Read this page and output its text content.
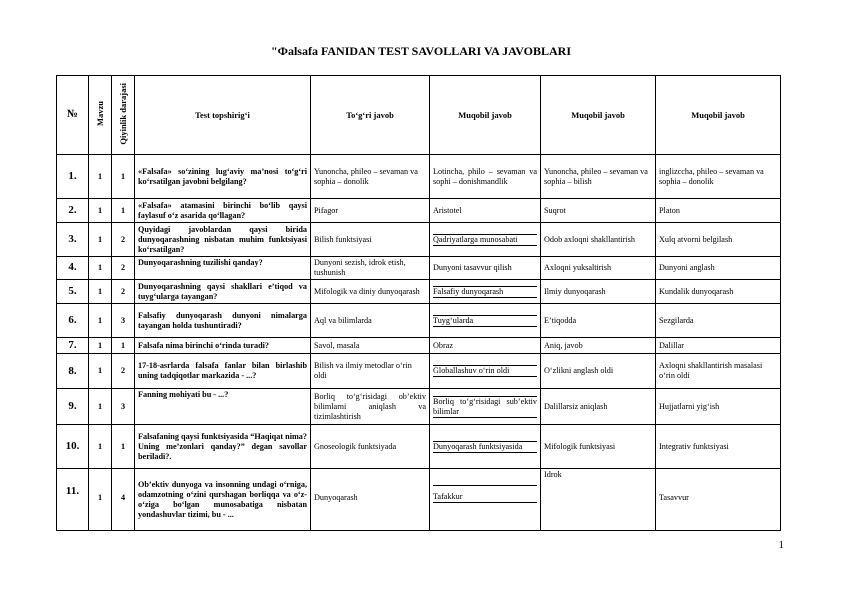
"Фalsafa FANIDAN TEST SAVOLLARI VA JAVOBLARI
№	Mavzu	Qiyinlik darajasi	Test topshirig‘i	To‘g‘ri javob	Muqobil javob	Muqobil javob	Muqobil javob
1.	1	1	«Falsafa» so‘zining lug‘aviy ma’nosi to‘g‘ri ko‘rsatilgan javobni belgilang?	Yunoncha, phileo – sevaman va sophia – donolik	Lotincha, philo – sevaman va sophi – donishmandlik	Yunoncha, phileo – sevaman va sophia – bilish	inglizccha, phileo – sevaman va sophia – donolik
2.	1	1	«Falsafa» atamasini birinchi bo‘lib qaysi faylasuf o‘z asarida qo‘llagan?	Pifagor	Aristotel	Suqrot	Platon
3.	1	2	Quyidagi javoblardan qaysi birida dunyoqarashning nisbatan muhim funktsiyasi ko‘rsatilgan?	Bilish funktsiyasi	Qadriyatlarga munosabati	Odob axloqni shakllantirish	Xulq atvorni belgilash
4.	1	2	Dunyoqarashning tuzilishi qanday?	Dunyoni sezish, idrok etish, tushunish	Dunyoni tasavvur qilish	Axloqni yuksaltirish	Dunyoni anglash
5.	1	2	Dunyoqarashning qaysi shakllari e’tiqod va tuyg‘ularga tayangan?	Mifologik va diniy dunyoqarash	Falsafiy dunyoqarash	Ilmiy dunyoqarash	Kundalik dunyoqarash
6.	1	3	Falsafiy dunyoqarash dunyoni nimalarga tayangan holda tushuntiradi?	Aql va bilimlarda	Tuyg‘ularda	E’tiqodda	Sezgilarda
7.	1	1	Falsafa nima birinchi o‘rinda turadi?	Savol, masala	Obraz	Aniq, javob	Dalillar
8.	1	2	17-18-asrlarda falsafa fanlar bilan birlashib uning tadqiqotlar markazida - ...?	Bilish va ilmiy metodlar o‘rin oldi	Globallashuv o‘rin oldi	O‘zlikni anglash oldi	Axloqni shakllantirish masalasi o‘rin oldi
9.	1	3	Fanning mohiyati bu - ...?	Borliq to‘g‘risidagi ob’ektiv bilimlarni aniqlash va tizimlashtirish	Borliq to‘g‘risidagi sub’ektiv bilimlar	Dalillarsiz aniqlash	Hujjatlarni yig‘ish
10.	1	1	Falsafaning qaysi funktsiyasida “Haqiqat nima? Uning me’zonlari qanday?” degan savollar beriladi?.	Gnoseologik funktsiyada	Dunyoqarash funktsiyasida	Mifologik funktsiyasi	Integrativ funktsiyasi
11.	1	4	Ob’ektiv dunyoga va insonning undagi o‘rniga, odamzotning o‘zini qurshagan borliqqa va o‘z-o‘ziga bo‘lgan munosabatiga nisbatan yondashuvlar tizimi, bu - ...	Dunyoqarash	Tafakkur	Idrok	Tasavvur
1
